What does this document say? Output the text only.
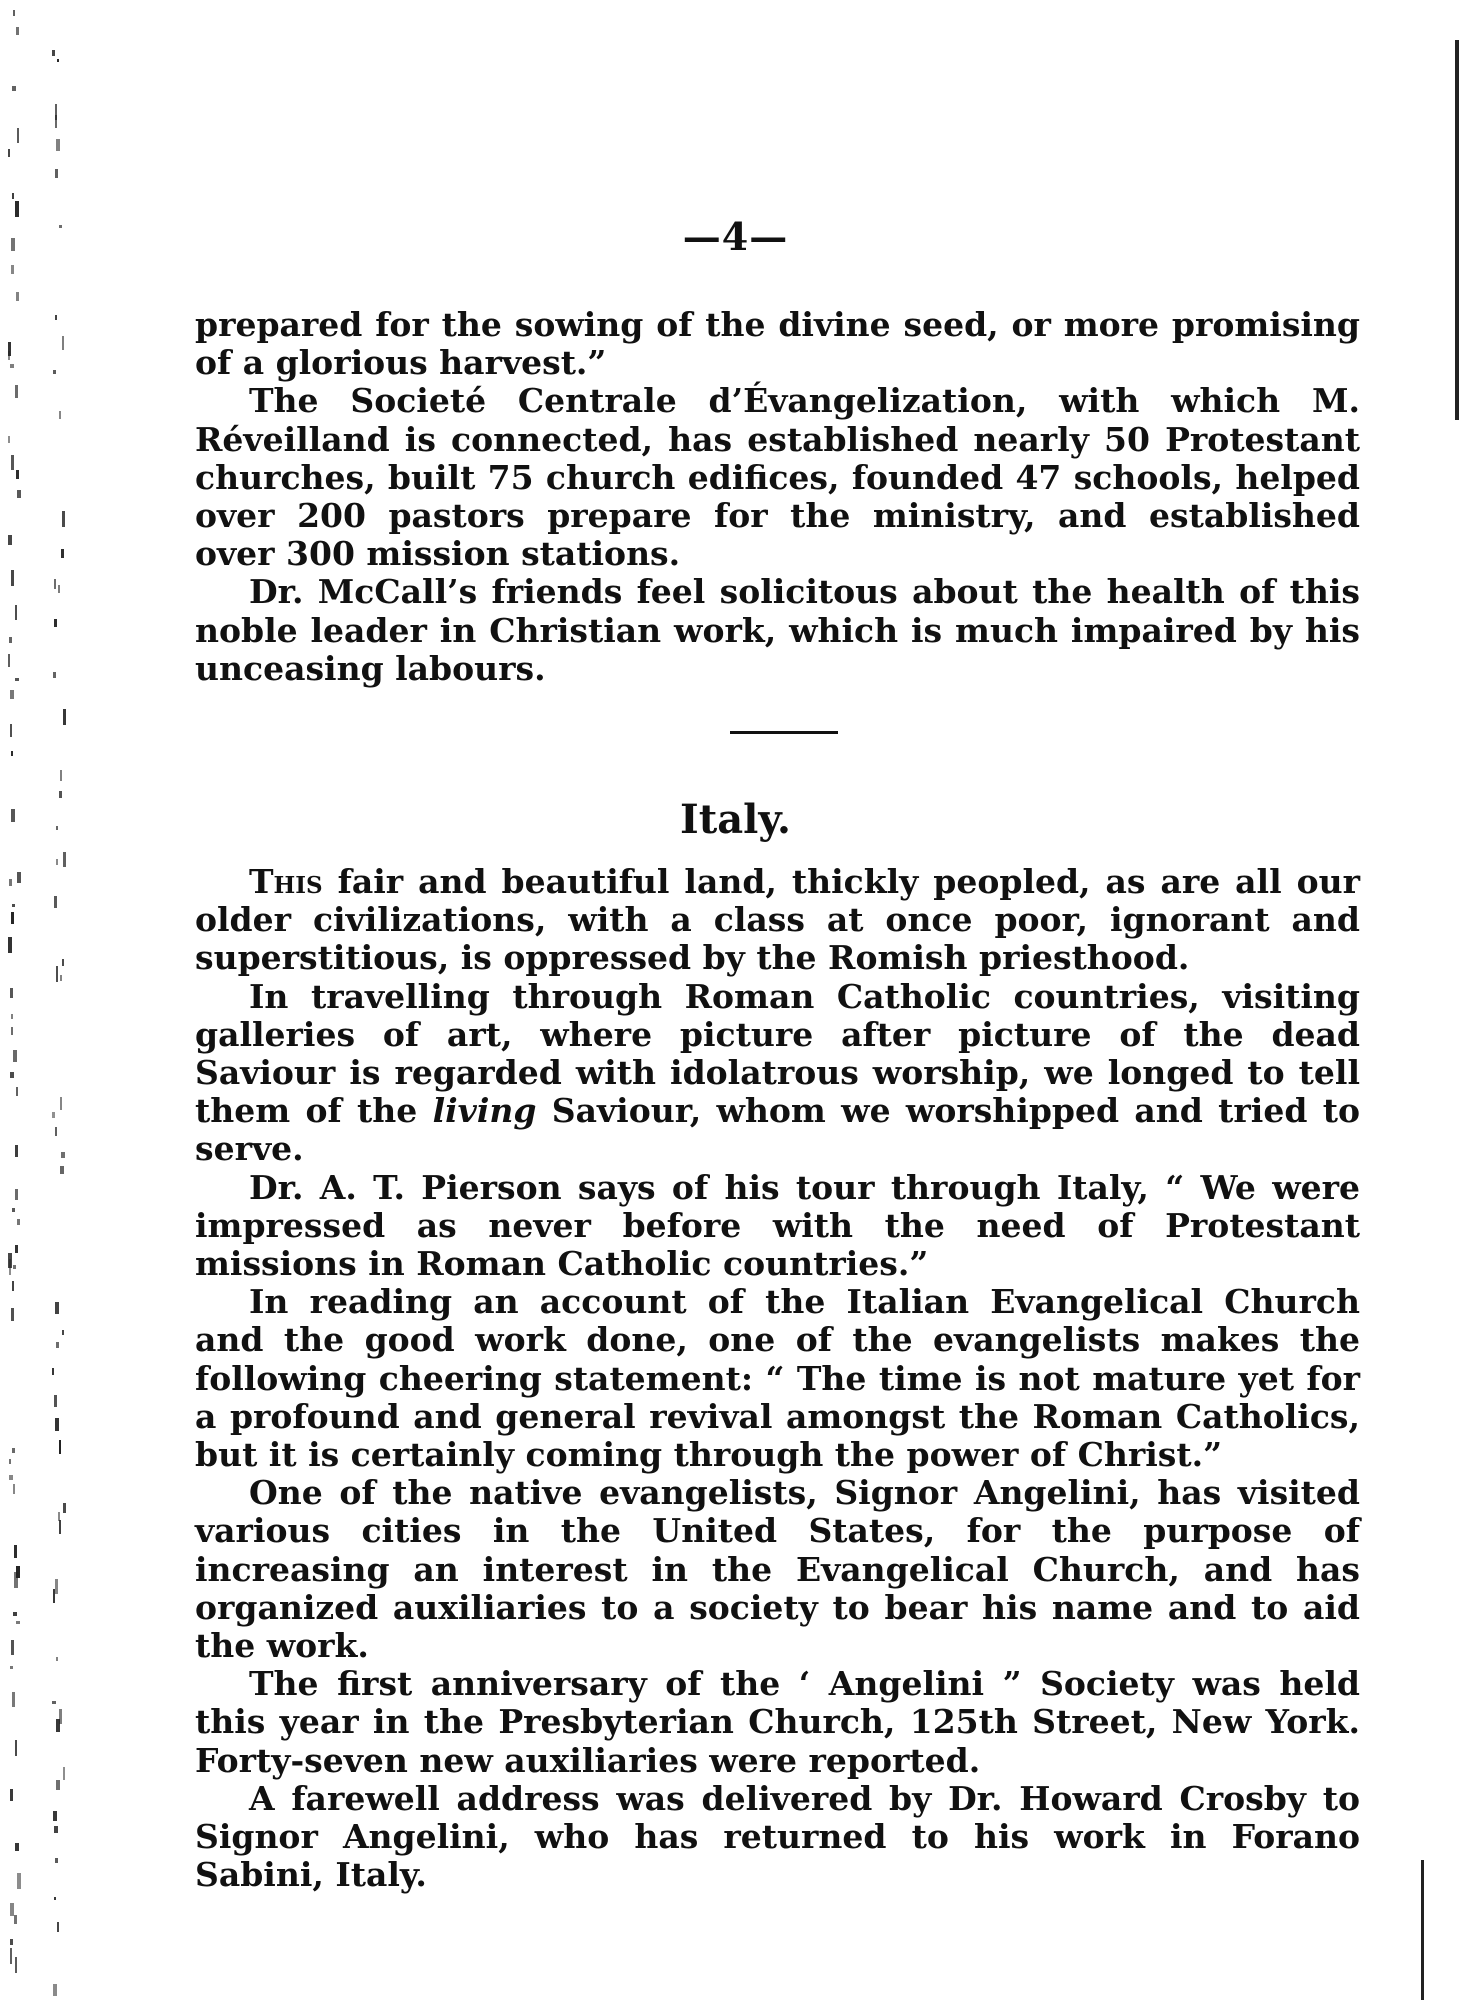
—4—

prepared for the sowing of the divine seed, or more promising of a glorious harvest.”

The Societé Centrale d’Évangelization, with which M. Réveilland is connected, has established nearly 50 Protestant churches, built 75 church edifices, founded 47 schools, helped over 200 pastors prepare for the ministry, and established over 300 mission stations.

Dr. McCall’s friends feel solicitous about the health of this noble leader in Christian work, which is much impaired by his unceasing labours.

Italy.

This fair and beautiful land, thickly peopled, as are all our older civilizations, with a class at once poor, ignorant and superstitious, is oppressed by the Romish priesthood.

In travelling through Roman Catholic countries, visiting galleries of art, where picture after picture of the dead Saviour is regarded with idolatrous worship, we longed to tell them of the living Saviour, whom we worshipped and tried to serve.

Dr. A. T. Pierson says of his tour through Italy, “ We were impressed as never before with the need of Protestant missions in Roman Catholic countries.”

In reading an account of the Italian Evangelical Church and the good work done, one of the evangelists makes the following cheering statement: “ The time is not mature yet for a profound and general revival amongst the Roman Catholics, but it is certainly coming through the power of Christ.”

One of the native evangelists, Signor Angelini, has visited various cities in the United States, for the purpose of increasing an interest in the Evangelical Church, and has organized auxiliaries to a society to bear his name and to aid the work.

The first anniversary of the ‘ Angelini ” Society was held this year in the Presbyterian Church, 125th Street, New York. Forty-seven new auxiliaries were reported.

A farewell address was delivered by Dr. Howard Crosby to Signor Angelini, who has returned to his work in Forano Sabini, Italy.
